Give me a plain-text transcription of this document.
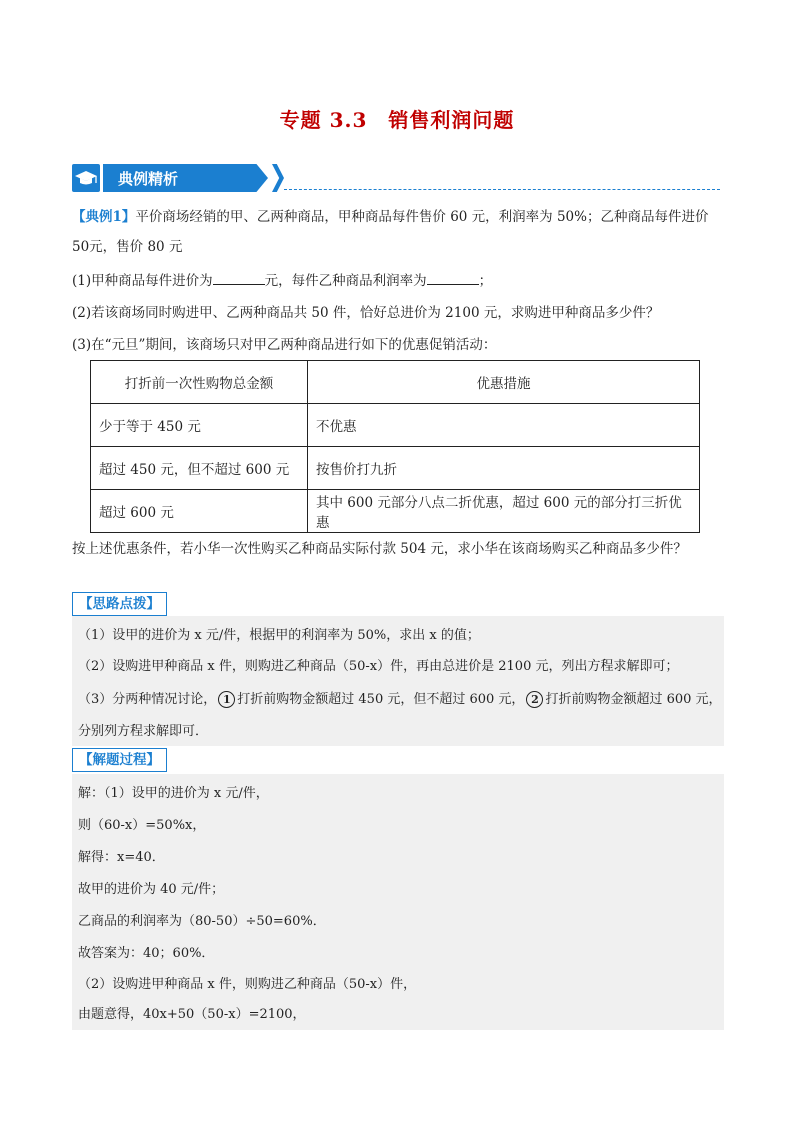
专题 3.3　销售利润问题
典例精析
【典例1】平价商场经销的甲、乙两种商品，甲种商品每件售价 60 元，利润率为 50%；乙种商品每件进价
50元，售价 80 元
(1)甲种商品每件进价为	元，每件乙种商品利润率为	；
(2)若该商场同时购进甲、乙两种商品共 50 件，恰好总进价为 2100 元，求购进甲种商品多少件？
(3)在“元旦”期间，该商场只对甲乙两种商品进行如下的优惠促销活动：
打折前一次性购物总金额	优惠措施
少于等于 450 元	不优惠
超过 450 元，但不超过 600 元	按售价打九折
超过 600 元	其中 600 元部分八点二折优惠，超过 600 元的部分打三折优惠
按上述优惠条件，若小华一次性购买乙种商品实际付款 504 元，求小华在该商场购买乙种商品多少件？
【思路点拨】
（1）设甲的进价为 x 元/件，根据甲的利润率为 50%，求出 x 的值；
（2）设购进甲种商品 x 件，则购进乙种商品（50-x）件，再由总进价是 2100 元，列出方程求解即可；
（3）分两种情况讨论， 1 打折前购物金额超过 450 元，但不超过 600 元， 2 打折前购物金额超过 600 元，
分别列方程求解即可．
【解题过程】
解：（1）设甲的进价为 x 元/件，
则（60-x）=50%x，
解得：x=40．
故甲的进价为 40 元/件；
乙商品的利润率为（80-50）÷50=60%．
故答案为：40；60%．
（2）设购进甲种商品 x 件，则购进乙种商品（50-x）件，
由题意得，40x+50（50-x）=2100，
